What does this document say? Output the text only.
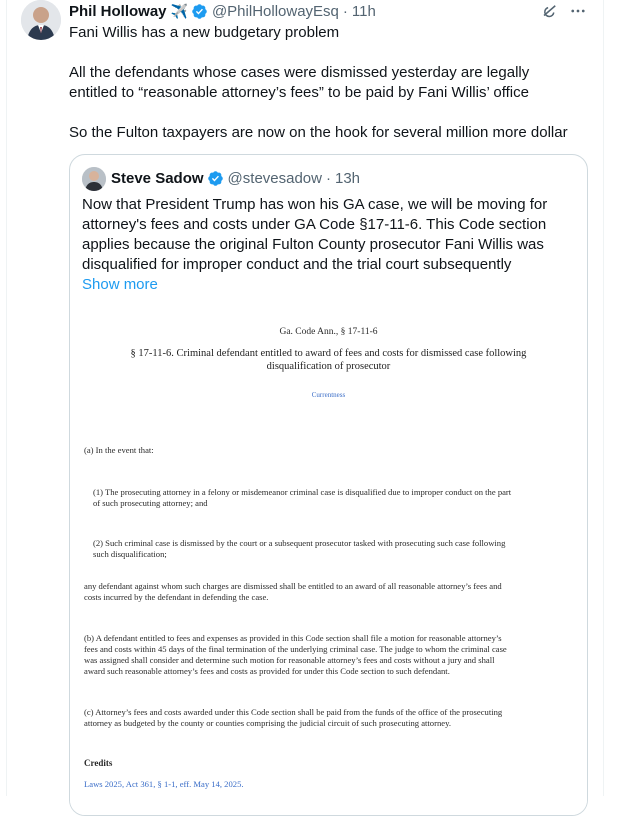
Phil Holloway ✈️ @PhilHollowayEsq · 11h

Fani Willis has a new budgetary problem

All the defendants whose cases were dismissed yesterday are legally

entitled to “reasonable attorney’s fees” to be paid by Fani Willis’ office

So the Fulton taxpayers are now on the hook for several million more dollar

Steve Sadow @stevesadow · 13h
Now that President Trump has won his GA case, we will be moving for
attorney's fees and costs under GA Code §17-11-6. This Code section
applies because the original Fulton County prosecutor Fani Willis was
disqualified for improper conduct and the trial court subsequently
Show more
Ga. Code Ann., § 17-11-6
§ 17-11-6. Criminal defendant entitled to award of fees and costs for dismissed case following
disqualification of prosecutor
Currentness
(a) In the event that:
(1) The prosecuting attorney in a felony or misdemeanor criminal case is disqualified due to improper conduct on the part
of such prosecuting attorney; and
(2) Such criminal case is dismissed by the court or a subsequent prosecutor tasked with prosecuting such case following
such disqualification;
any defendant against whom such charges are dismissed shall be entitled to an award of all reasonable attorney’s fees and
costs incurred by the defendant in defending the case.
(b) A defendant entitled to fees and expenses as provided in this Code section shall file a motion for reasonable attorney’s
fees and costs within 45 days of the final termination of the underlying criminal case. The judge to whom the criminal case
was assigned shall consider and determine such motion for reasonable attorney’s fees and costs without a jury and shall
award such reasonable attorney’s fees and costs as provided for under this Code section to such defendant.
(c) Attorney’s fees and costs awarded under this Code section shall be paid from the funds of the office of the prosecuting
attorney as budgeted by the county or counties comprising the judicial circuit of such prosecuting attorney.
Credits
Laws 2025, Act 361, § 1-1, eff. May 14, 2025.
